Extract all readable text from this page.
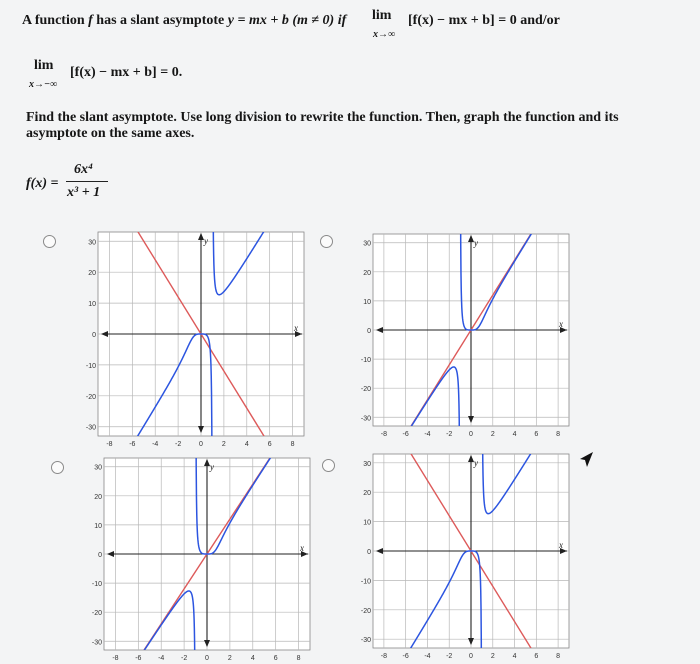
A function f has a slant asymptote y = mx + b (m ≠ 0) if lim
x→∞
[f(x) − mx + b] = 0 and/or
lim
x→−∞
[f(x) − mx + b] = 0.
Find the slant asymptote. Use long division to rewrite the function. Then, graph the function and its
asymptote on the same axes.
f(x) =
6x⁴
x³ + 1
x
y
30
20
10
0
-10
-20
-30
-8 -6 -4 -2	0	2	4	6	8
x
y
30
20
10
0
-10
-20
-30
-8 -6 -4 -2 0	2	4	6	8
x
y
30
20
10
0
-10
-20
-30
-8 -6 -4 -2	0	2	4	6	8
x
y
30
20
10
0
-10
-20
-30
-8 -6 -4 -2 0	2	4	6	8
